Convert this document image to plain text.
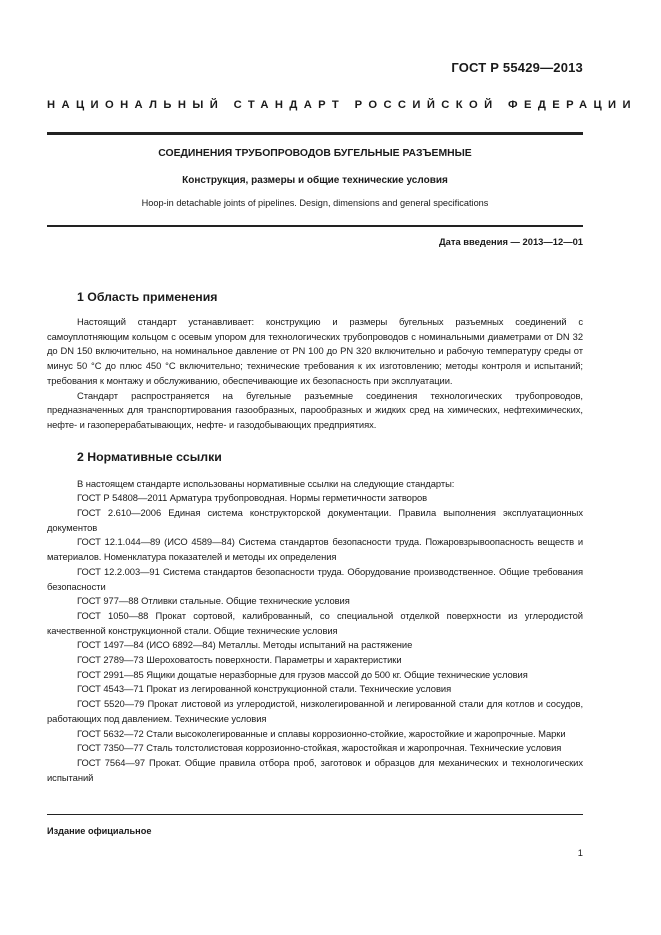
ГОСТ Р 55429—2013
НАЦИОНАЛЬНЫЙ СТАНДАРТ РОССИЙСКОЙ ФЕДЕРАЦИИ
СОЕДИНЕНИЯ ТРУБОПРОВОДОВ БУГЕЛЬНЫЕ РАЗЪЕМНЫЕ
Конструкция, размеры и общие технические условия
Hoop-in detachable joints of pipelines. Design, dimensions and general specifications
Дата введения — 2013—12—01
1 Область применения

Настоящий стандарт устанавливает: конструкцию и размеры бугельных разъемных соединений с самоуплотняющим кольцом с осевым упором для технологических трубопроводов с номинальными диаметрами от DN 32 до DN 150 включительно, на номинальное давление от PN 100 до PN 320 включительно и рабочую температуру среды от минус 50 °С до плюс 450 °С включительно; технические требования к их изготовлению; методы контроля и испытаний; требования к монтажу и обслуживанию, обеспечивающие их безопасность при эксплуатации.

Стандарт распространяется на бугельные разъемные соединения технологических трубопроводов, предназначенных для транспортирования газообразных, парообразных и жидких сред на химических, нефтехимических, нефте- и газоперерабатывающих, нефте- и газодобывающих предприятиях.

2 Нормативные ссылки

В настоящем стандарте использованы нормативные ссылки на следующие стандарты:

ГОСТ Р 54808—2011 Арматура трубопроводная. Нормы герметичности затворов

ГОСТ 2.610—2006 Единая система конструкторской документации. Правила выполнения эксплуатационных документов

ГОСТ 12.1.044—89 (ИСО 4589—84) Система стандартов безопасности труда. Пожаровзрывоопасность веществ и материалов. Номенклатура показателей и методы их определения

ГОСТ 12.2.003—91 Система стандартов безопасности труда. Оборудование производственное. Общие требования безопасности

ГОСТ 977—88 Отливки стальные. Общие технические условия

ГОСТ 1050—88 Прокат сортовой, калиброванный, со специальной отделкой поверхности из углеродистой качественной конструкционной стали. Общие технические условия

ГОСТ 1497—84 (ИСО 6892—84) Металлы. Методы испытаний на растяжение

ГОСТ 2789—73 Шероховатость поверхности. Параметры и характеристики

ГОСТ 2991—85 Ящики дощатые неразборные для грузов массой до 500 кг. Общие технические условия

ГОСТ 4543—71 Прокат из легированной конструкционной стали. Технические условия

ГОСТ 5520—79 Прокат листовой из углеродистой, низколегированной и легированной стали для котлов и сосудов, работающих под давлением. Технические условия

ГОСТ 5632—72 Стали высоколегированные и сплавы коррозионно-стойкие, жаростойкие и жаропрочные. Марки

ГОСТ 7350—77 Сталь толстолистовая коррозионно-стойкая, жаростойкая и жаропрочная. Технические условия

ГОСТ 7564—97 Прокат. Общие правила отбора проб, заготовок и образцов для механических и технологических испытаний

Издание официальное
1
